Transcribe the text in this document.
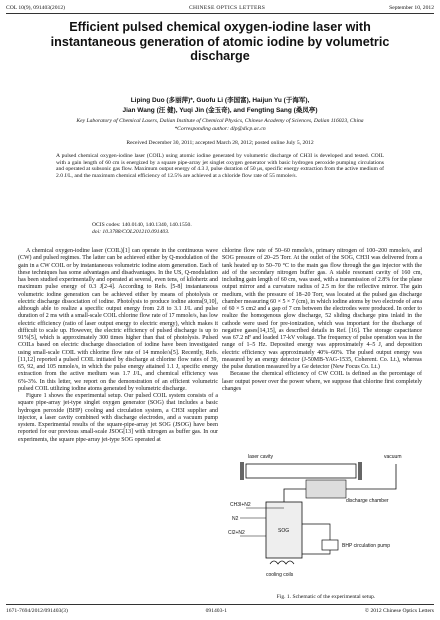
COL 10(9), 091403(2012)	CHINESE OPTICS LETTERS	September 10, 2012
Efficient pulsed chemical oxygen-iodine laser with instantaneous generation of atomic iodine by volumetric discharge
Liping Duo (多丽萍)*, Guofu Li (李国富), Haijun Yu (于海军),
Jian Wang (汪 健), Yuqi Jin (金玉奇), and Fengting Sang (桑凤亭)
Key Laboratory of Chemical Lasers, Dalian Institute of Chemical Physics, Chinese Academy of Sciences, Dalian 116023, China
*Corresponding author: dlp@dicp.ac.cn
Received December 30, 2011; accepted March 28, 2012; posted online July 5, 2012
A pulsed chemical oxygen-iodine laser (COIL) using atomic iodine generated by volumetric discharge of CH3I is developed and tested. COIL with a gain length of 60 cm is energized by a square pipe-array jet singlet oxygen generator with basic hydrogen peroxide pumping circulations and operated at subsonic gas flow. Maximum output energy of 4.3 J, pulse duration of 50 μs, specific energy extraction from the active medium of 2.0 J/L, and the maximum chemical efficiency of 12.5% are achieved at a chloride flow rate of 55 mmole/s.
OCIS codes: 140.0140, 140.1340, 140.1550.
doi: 10.3788/COL201210.091403.

A chemical oxygen-iodine laser (COIL)[1] can operate in the continuous wave (CW) and pulsed regimes. The latter can be achieved either by Q-modulation of the gain in a CW COIL or by instantaneous volumetric iodine atom generation. Each of these techniques has some advantages and disadvantages. In the US, Q-modulation has been studied experimentally and operated at several, even tens, of kilohertz and maximum pulse energy of 0.3 J[2-4]. According to Refs. [5-8] instantaneous volumetric iodine generation can be achieved either by means of photolysis or electric discharge dissociation of iodine. Photolysis to produce iodine atoms[9,10], although able to realize a specific output energy from 2.8 to 3.1 J/L and pulse duration of 2 ms with a small-scale COIL chlorine flow rate of 17 mmole/s, has low electric efficiency (ratio of laser output energy to electric energy), which makes it difficult to scale up. However, the electric efficiency of pulsed discharge is up to 91%[5], which is approximately 300 times higher than that of photolysis. Pulsed COILs based on electric discharge dissociation of iodine have been investigated using small-scale COIL with chlorine flow rate of 14 mmole/s[5]. Recently, Refs. [11,12] reported a pulsed COIL initiated by discharge at chlorine flow rates of 39, 65, 92, and 105 mmole/s, in which the pulse energy attained 1.1 J, specific energy extraction from the active medium was 1.7 J/L, and chemical efficiency was 6%-3%. In this letter, we report on the demonstration of an efficient volumetric pulsed COIL utilizing iodine atoms generated by volumetric discharge.

Figure 1 shows the experimental setup. Our pulsed COIL system consists of a square pipe-array jet-type singlet oxygen generator (SOG) that includes a basic hydrogen peroxide (BHP) cooling and circulation system, a CH3I supplier and injector, a laser cavity combined with discharge electrodes, and a vacuum pump system. Experimental results of the square-pipe-array jet SOG (JSOG) have been reported for our previous small-scale JSOG[13] with nitrogen as buffer gas. In our experiments, the square pipe-array jet-type SOG operated at

chlorine flow rate of 50–60 mmole/s, primary nitrogen of 100–200 mmole/s, and SOG pressure of 20–25 Torr. At the outlet of the SOG, CH3I was delivered from a tank heated up to 50–70 °C to the main gas flow through the gas injector with the aid of the secondary nitrogen buffer gas. A stable resonant cavity of 160 cm, including gain length of 60 cm, was used, with a transmission of 2.8% for the plane output mirror and a curvature radius of 2.5 m for the reflective mirror. The gain medium, with the pressure of 18–20 Torr, was located at the pulsed gas discharge chamber measuring 60 × 5 × 7 (cm), in which iodine atoms by two electrode of area of 60 × 5 cm2 and a gap of 7 cm between the electrodes were produced. In order to realize the homogenous glow discharge, 52 sliding discharge pins inlaid in the cathode were used for pre-ionization, which was important for the discharge of negative gases[14,15], as described details in Ref. [16]. The storage capacitance was 67.2 nF and loaded 17-kV voltage. The frequency of pulse operation was in the range of 1–5 Hz. Deposited energy was approximately 4–5 J, and deposition electric efficiency was approximately 40%–60%. The pulsed output energy was measured by an energy detector (J-50MB-YAG-1535, Coherent. Co. Lt.), whereas the pulse duration measured by a Ge detector (New Focus Co. Lt.)

Because the chemical efficiency of CW COIL is defined as the percentage of laser output power over the power where, we suppose that chlorine first completely changes

laser cavity
discharge chamber
vacuum
SOG
CH3I+N2
N2
Cl2+N2
BHP circulation pump
cooling coils
Fig. 1. Schematic of the experimental setup.
1671-7694/2012/091403(3)	091403-1	© 2012 Chinese Optics Letters
